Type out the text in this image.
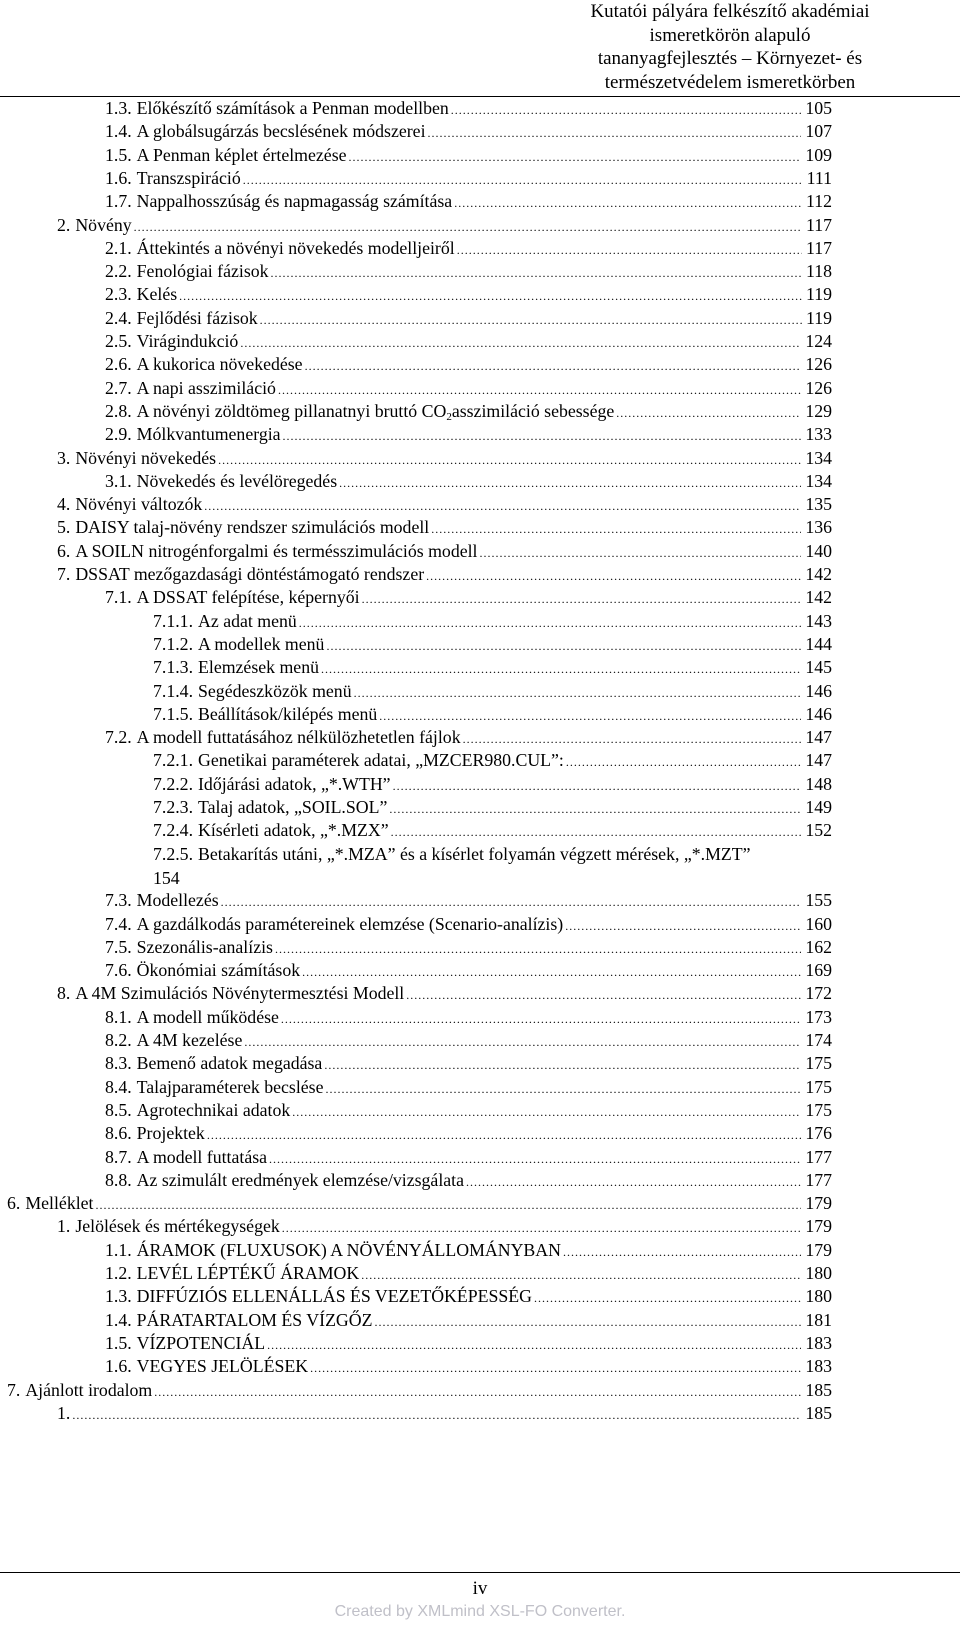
Kutatói pályára felkészítő akadémiai
ismeretkörön alapuló
tananyagfejlesztés – Környezet- és
természetvédelem ismeretkörben
1.3. Előkészítő számítások a Penman modellben .....	105
1.4. A globálsugárzás becslésének módszerei .....	107
1.5. A Penman képlet értelmezése .....	109
1.6. Transzspiráció .....	111
1.7. Nappalhosszúság és napmagasság számítása .....	112
2. Növény .....	117
2.1. Áttekintés a növényi növekedés modelljeiről .....	117
2.2. Fenológiai fázisok .....	118
2.3. Kelés .....	119
2.4. Fejlődési fázisok .....	119
2.5. Virágindukció .....	124
2.6. A kukorica növekedése .....	126
2.7. A napi asszimiláció .....	126
2.8. A növényi zöldtömeg pillanatnyi bruttó $CO_2asszimiláció$ sebessége .....	129
2.9. Mólkvantumenergia .....	133
3. Növényi növekedés .....	134
3.1. Növekedés és levélöregedés .....	134
4. Növényi változók .....	135
5. DAISY talaj-növény rendszer szimulációs modell .....	136
6. A SOILN nitrogénforgalmi és termésszimulációs modell .....	140
7. DSSAT mezőgazdasági döntéstámogató rendszer .....	142
7.1. A DSSAT felépítése, képernyői .....	142
7.1.1. Az adat menü .....	143
7.1.2. A modellek menü .....	144
7.1.3. Elemzések menü .....	145
7.1.4. Segédeszközök menü .....	146
7.1.5. Beállítások/kilépés menü .....	146
7.2. A modell futtatásához nélkülözhetetlen fájlok .....	147
7.2.1. Genetikai paraméterek adatai, „MZCER980.CUL”: .....	147
7.2.2. Időjárási adatok, „*.WTH” .....	148
7.2.3. Talaj adatok, „SOIL.SOL” .....	149
7.2.4. Kísérleti adatok, „*.MZX” .....	152
7.2.5. Betakarítás utáni, „*.MZA” és a kísérlet folyamán végzett mérések, „*.MZT”
154
7.3. Modellezés .....	155
7.4. A gazdálkodás paramétereinek elemzése (Scenario-analízis) .....	160
7.5. Szezonális-analízis .....	162
7.6. Ökonómiai számítások .....	169
8. A 4M Szimulációs Növénytermesztési Modell .....	172
8.1. A modell működése .....	173
8.2. A 4M kezelése .....	174
8.3. Bemenő adatok megadása .....	175
8.4. Talajparaméterek becslése .....	175
8.5. Agrotechnikai adatok .....	175
8.6. Projektek .....	176
8.7. A modell futtatása .....	177
8.8. Az szimulált eredmények elemzése/vizsgálata .....	177
6. Melléklet .....	179
1. Jelölések és mértékegységek .....	179
1.1. ÁRAMOK (FLUXUSOK) A NÖVÉNYÁLLOMÁNYBAN .....	179
1.2. LEVÉL LÉPTÉKŰ ÁRAMOK .....	180
1.3. DIFFÚZIÓS ELLENÁLLÁS ÉS VEZETŐKÉPESSÉG .....	180
1.4. PÁRATARTALOM ÉS VÍZGŐZ .....	181
1.5. VÍZPOTENCIÁL .....	183
1.6. VEGYES JELÖLÉSEK .....	183
7. Ajánlott irodalom .....	185
1. .....	185
iv
Created by XMLmind XSL-FO Converter.
